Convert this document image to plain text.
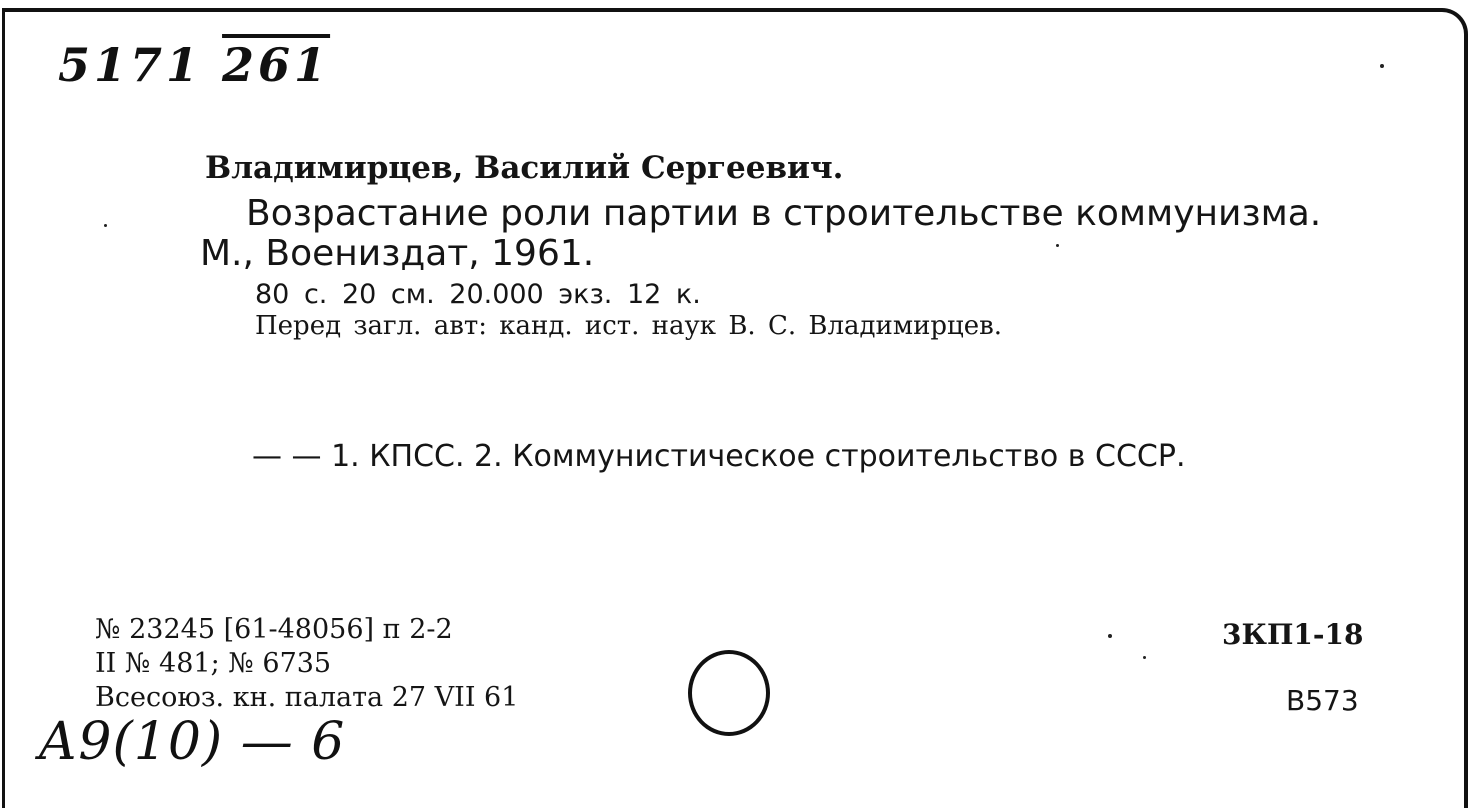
5171 261

Владимирцев, Василий Сергеевич.

Возрастание роли партии в строительстве коммунизма.

М., Воениздат, 1961.

80 с. 20 см. 20.000 экз. 12 к.

Перед загл. авт: канд. ист. наук В. С. Владимирцев.

— — 1. КПСС. 2. Коммунистическое строительство в СССР.

№ 23245 [61-48056] п 2-2

II № 481; № 6735

Всесоюз. кн. палата 27 VII 61

3КП1-18

В573

А9(10) — 6
